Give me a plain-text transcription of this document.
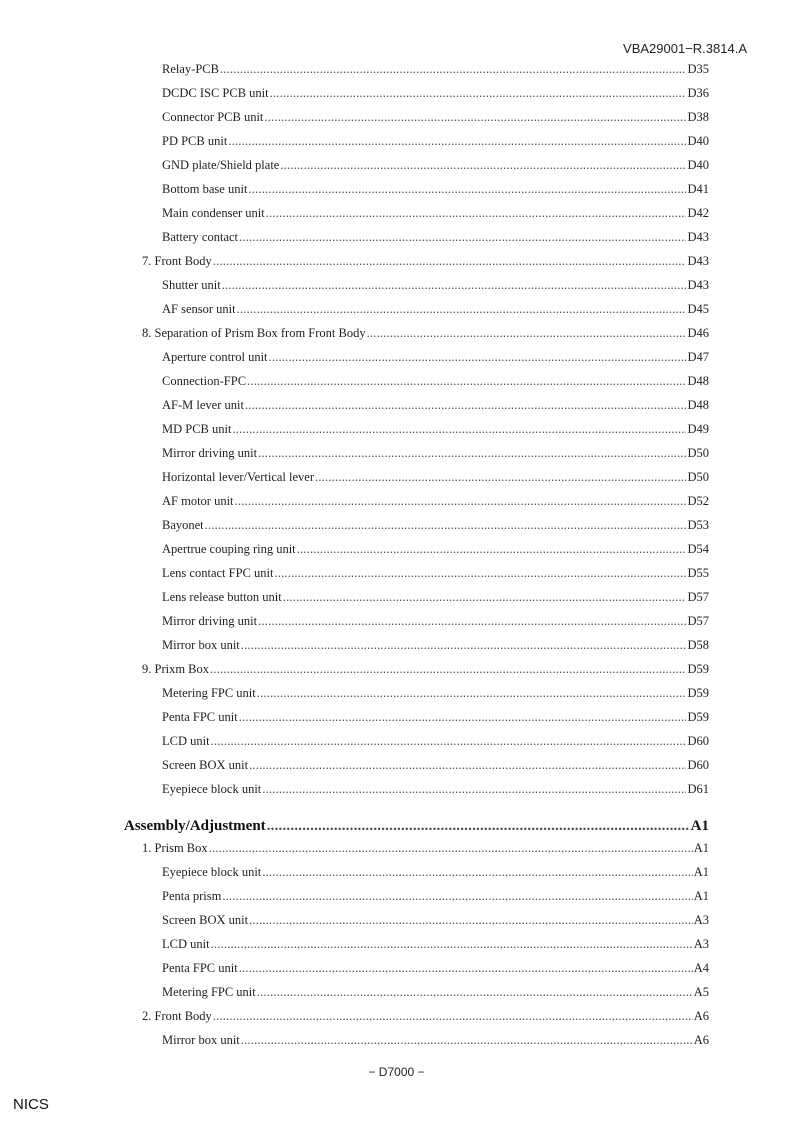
VBA29001−R.3814.A
Relay-PCB .....	D35
DCDC ISC PCB unit .....	D36
Connector PCB unit .....	D38
PD PCB unit .....	D40
GND plate/Shield plate .....	D40
Bottom base unit .....	D41
Main condenser unit .....	D42
Battery contact .....	D43
7. Front Body .....	D43
Shutter unit .....	D43
AF sensor unit .....	D45
8. Separation of Prism Box from Front Body .....	D46
Aperture control unit .....	D47
Connection-FPC .....	D48
AF-M lever unit .....	D48
MD PCB unit .....	D49
Mirror driving unit .....	D50
Horizontal lever/Vertical lever .....	D50
AF motor unit .....	D52
Bayonet .....	D53
Apertrue couping ring unit .....	D54
Lens contact FPC unit .....	D55
Lens release button unit .....	D57
Mirror driving unit .....	D57
Mirror box unit .....	D58
9. Prixm Box .....	D59
Metering FPC unit .....	D59
Penta FPC unit .....	D59
LCD unit .....	D60
Screen BOX unit .....	D60
Eyepiece block unit .....	D61
Assembly/Adjustment .....	A1
1. Prism Box .....	A1
Eyepiece block unit .....	A1
Penta prism .....	A1
Screen BOX unit .....	A3
LCD unit .....	A3
Penta FPC unit .....	A4
Metering FPC unit .....	A5
2. Front Body .....	A6
Mirror box unit .....	A6
− D7000 −
NICS
